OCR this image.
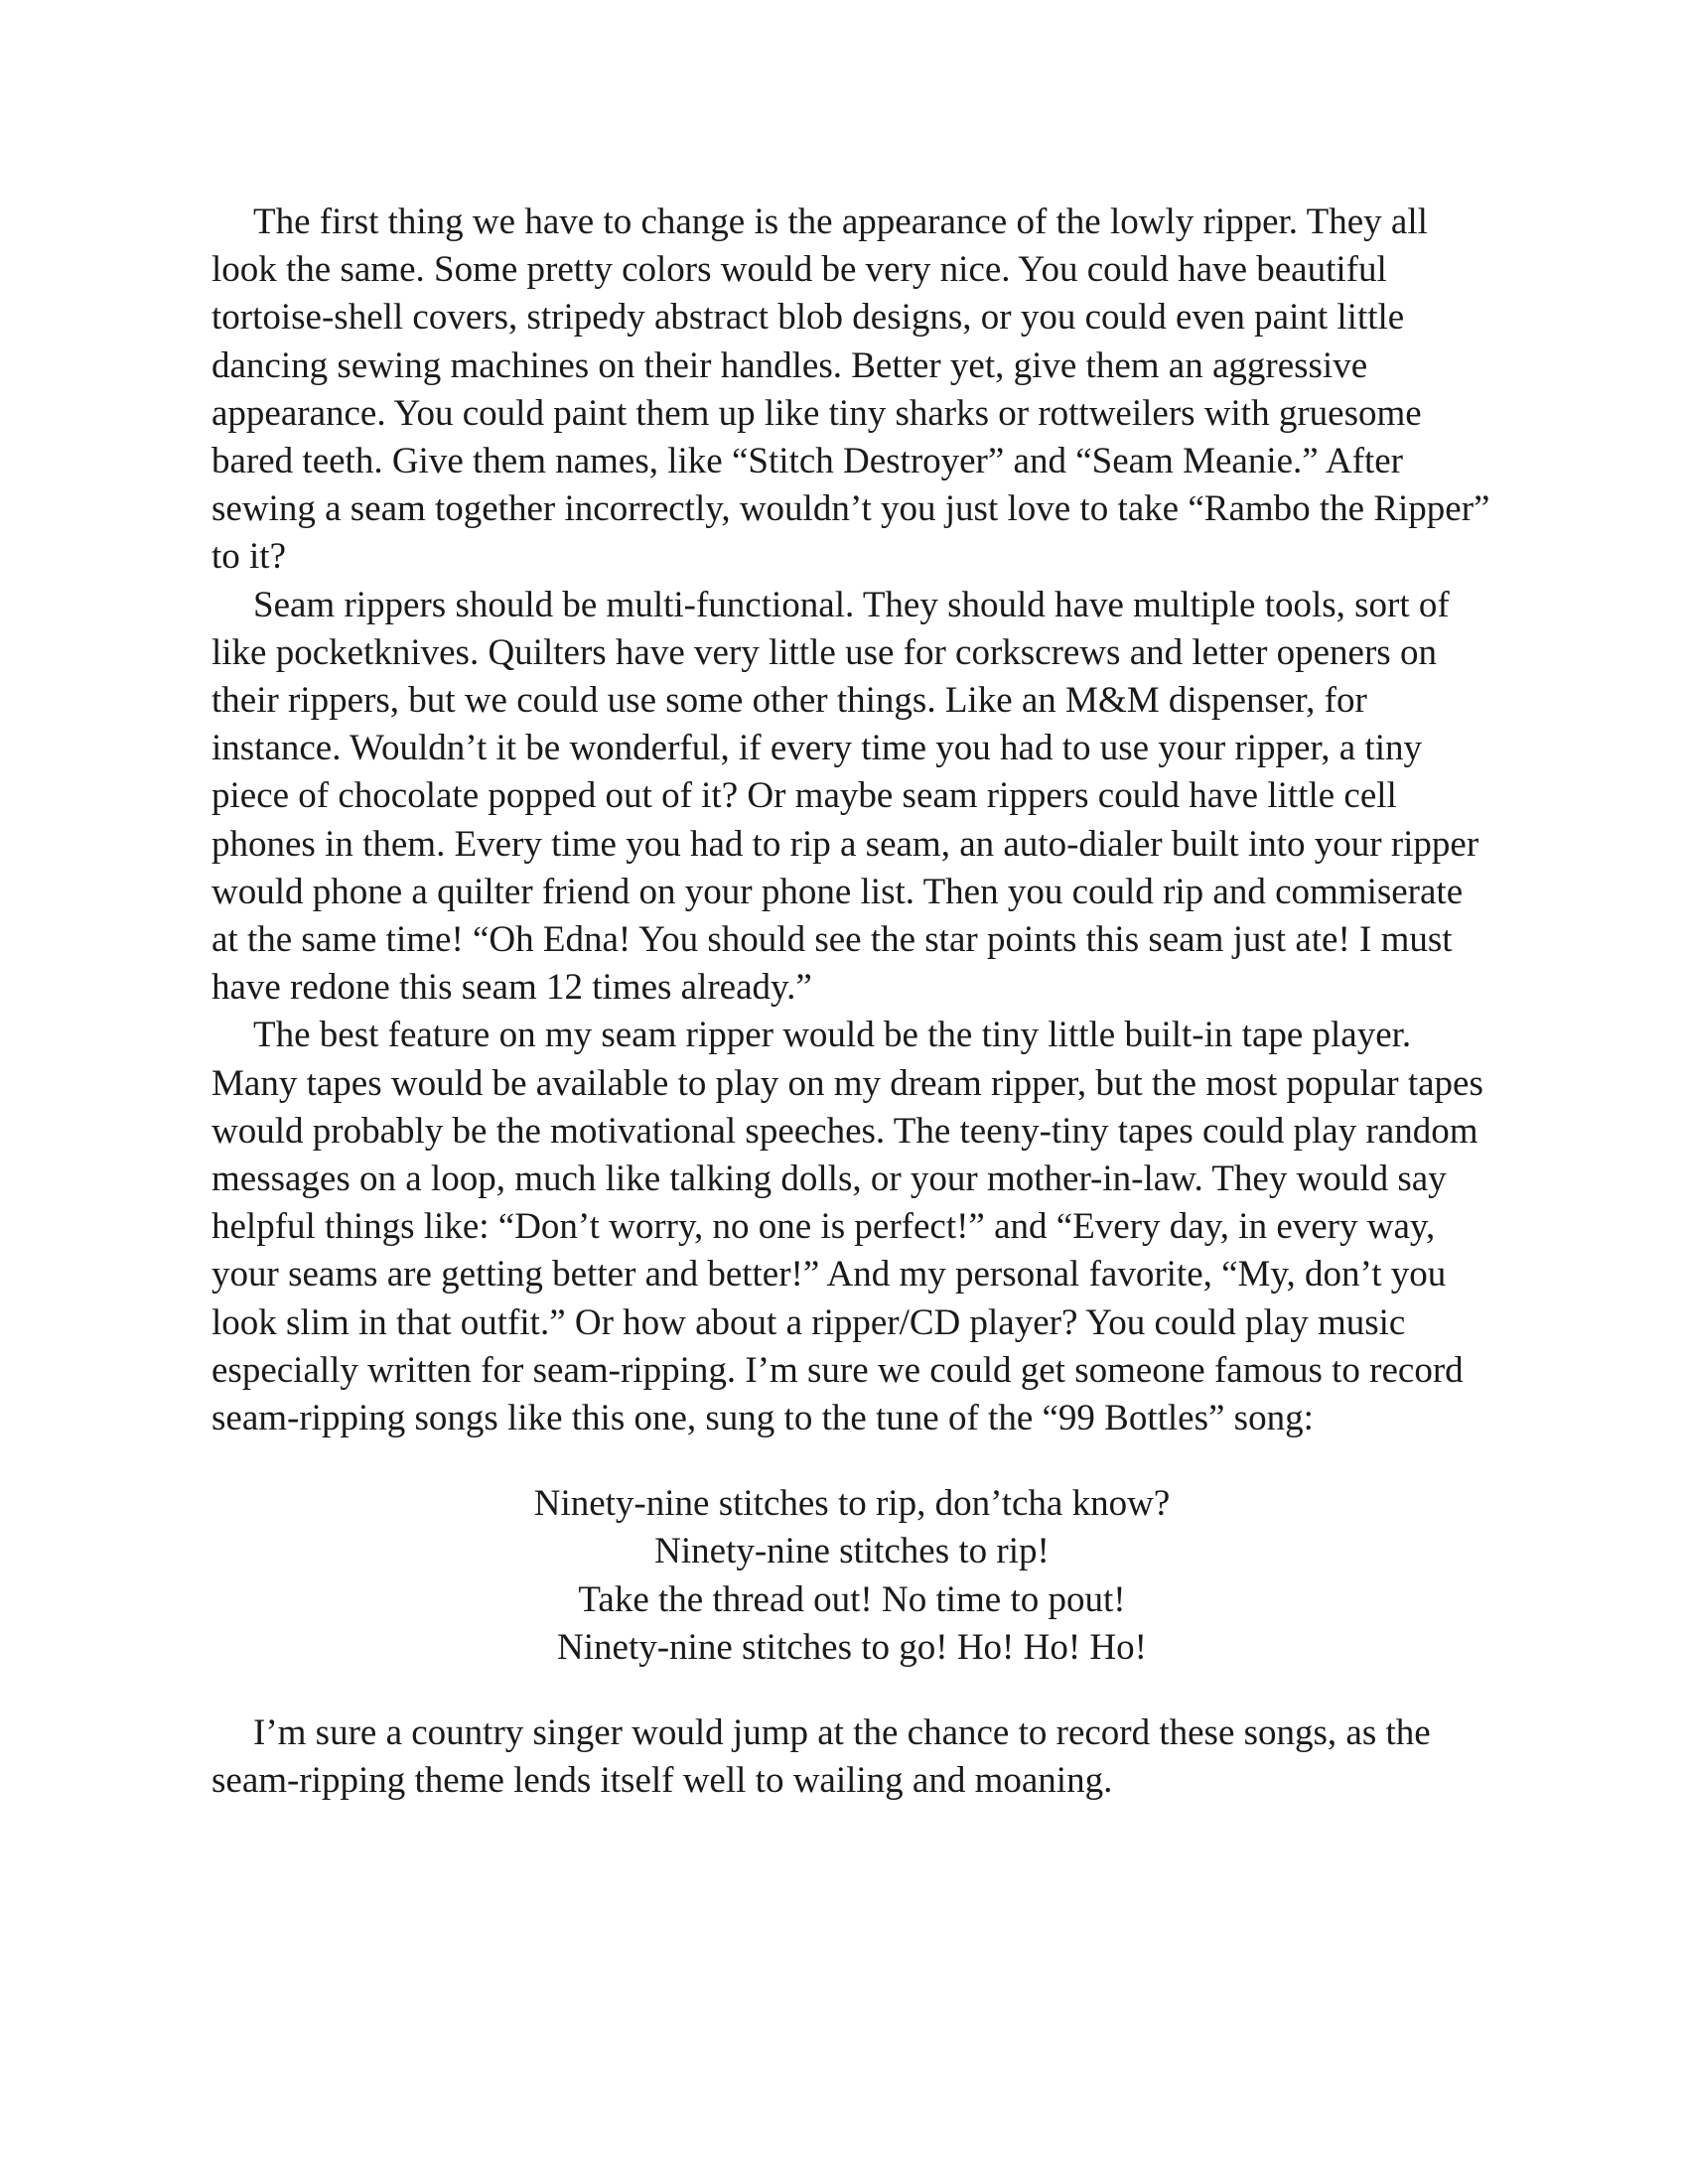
The first thing we have to change is the appearance of the lowly ripper. They all look the same. Some pretty colors would be very nice. You could have beautiful tortoise-shell covers, stripedy abstract blob designs, or you could even paint little dancing sewing machines on their handles. Better yet, give them an aggressive appearance. You could paint them up like tiny sharks or rottweilers with gruesome bared teeth. Give them names, like “Stitch Destroyer” and “Seam Meanie.” After sewing a seam together incorrectly, wouldn’t you just love to take “Rambo the Ripper” to it?

Seam rippers should be multi-functional. They should have multiple tools, sort of like pocketknives. Quilters have very little use for corkscrews and letter openers on their rippers, but we could use some other things. Like an M&M dispenser, for instance. Wouldn’t it be wonderful, if every time you had to use your ripper, a tiny piece of chocolate popped out of it? Or maybe seam rippers could have little cell phones in them. Every time you had to rip a seam, an auto-dialer built into your ripper would phone a quilter friend on your phone list. Then you could rip and commiserate at the same time! “Oh Edna! You should see the star points this seam just ate! I must have redone this seam 12 times already.”

The best feature on my seam ripper would be the tiny little built-in tape player. Many tapes would be available to play on my dream ripper, but the most popular tapes would probably be the motivational speeches. The teeny-tiny tapes could play random messages on a loop, much like talking dolls, or your mother-in-law. They would say helpful things like: “Don’t worry, no one is perfect!” and “Every day, in every way, your seams are getting better and better!” And my personal favorite, “My, don’t you look slim in that outfit.” Or how about a ripper/CD player? You could play music especially written for seam-ripping. I’m sure we could get someone famous to record seam-ripping songs like this one, sung to the tune of the “99 Bottles” song:

Ninety-nine stitches to rip, don’tcha know?
Ninety-nine stitches to rip!
Take the thread out! No time to pout!
Ninety-nine stitches to go! Ho! Ho! Ho!

I’m sure a country singer would jump at the chance to record these songs, as the seam-ripping theme lends itself well to wailing and moaning.
